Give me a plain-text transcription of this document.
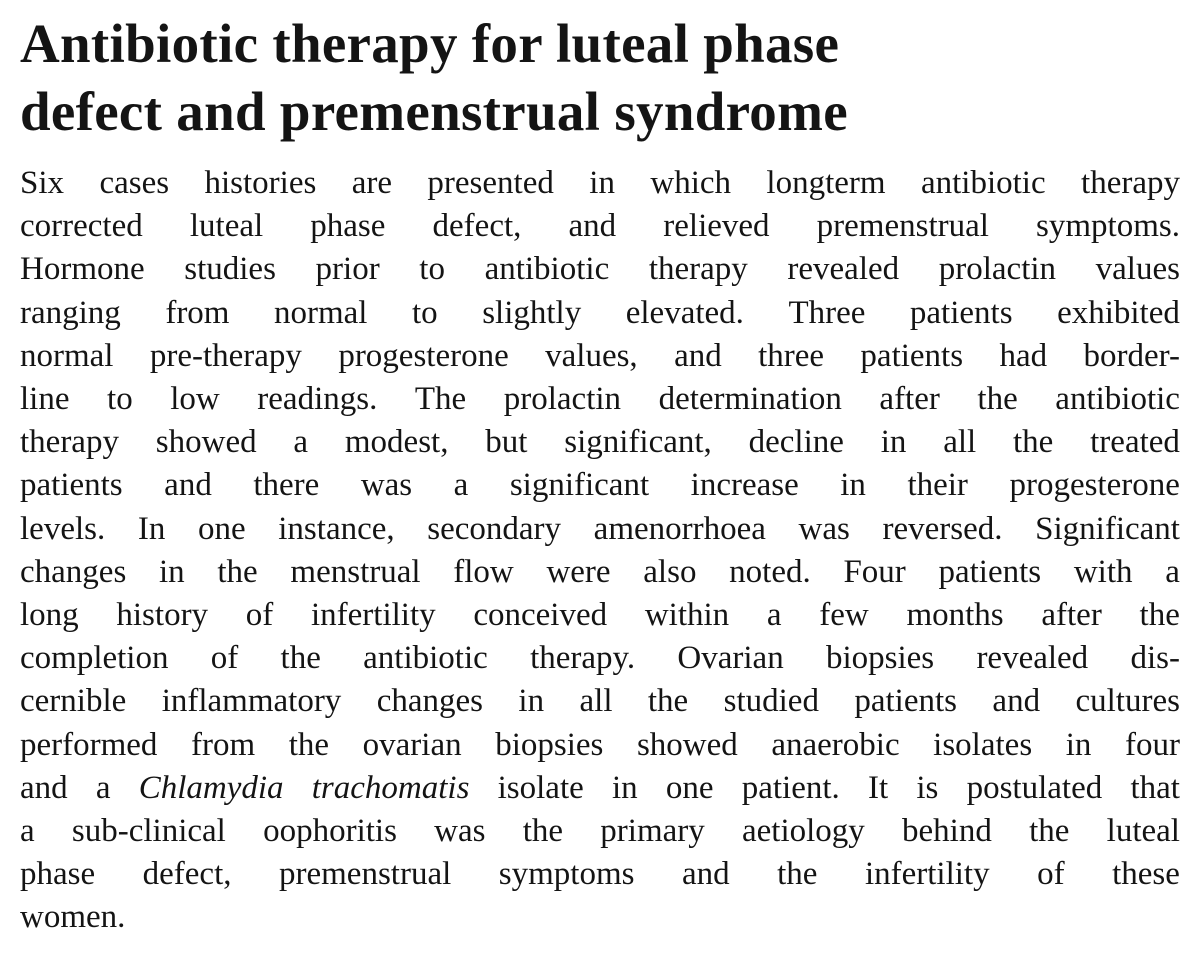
Antibiotic therapy for luteal phase
defect and premenstrual syndrome
Six cases histories are presented in which longterm antibiotic therapy
corrected luteal phase defect, and relieved premenstrual symptoms.
Hormone studies prior to antibiotic therapy revealed prolactin values
ranging from normal to slightly elevated. Three patients exhibited
normal pre-therapy progesterone values, and three patients had border-
line to low readings. The prolactin determination after the antibiotic
therapy showed a modest, but significant, decline in all the treated
patients and there was a significant increase in their progesterone
levels. In one instance, secondary amenorrhoea was reversed. Significant
changes in the menstrual flow were also noted. Four patients with a
long history of infertility conceived within a few months after the
completion of the antibiotic therapy. Ovarian biopsies revealed dis-
cernible inflammatory changes in all the studied patients and cultures
performed from the ovarian biopsies showed anaerobic isolates in four
and a Chlamydia trachomatis isolate in one patient. It is postulated that
a sub-clinical oophoritis was the primary aetiology behind the luteal
phase defect, premenstrual symptoms and the infertility of these
women.
